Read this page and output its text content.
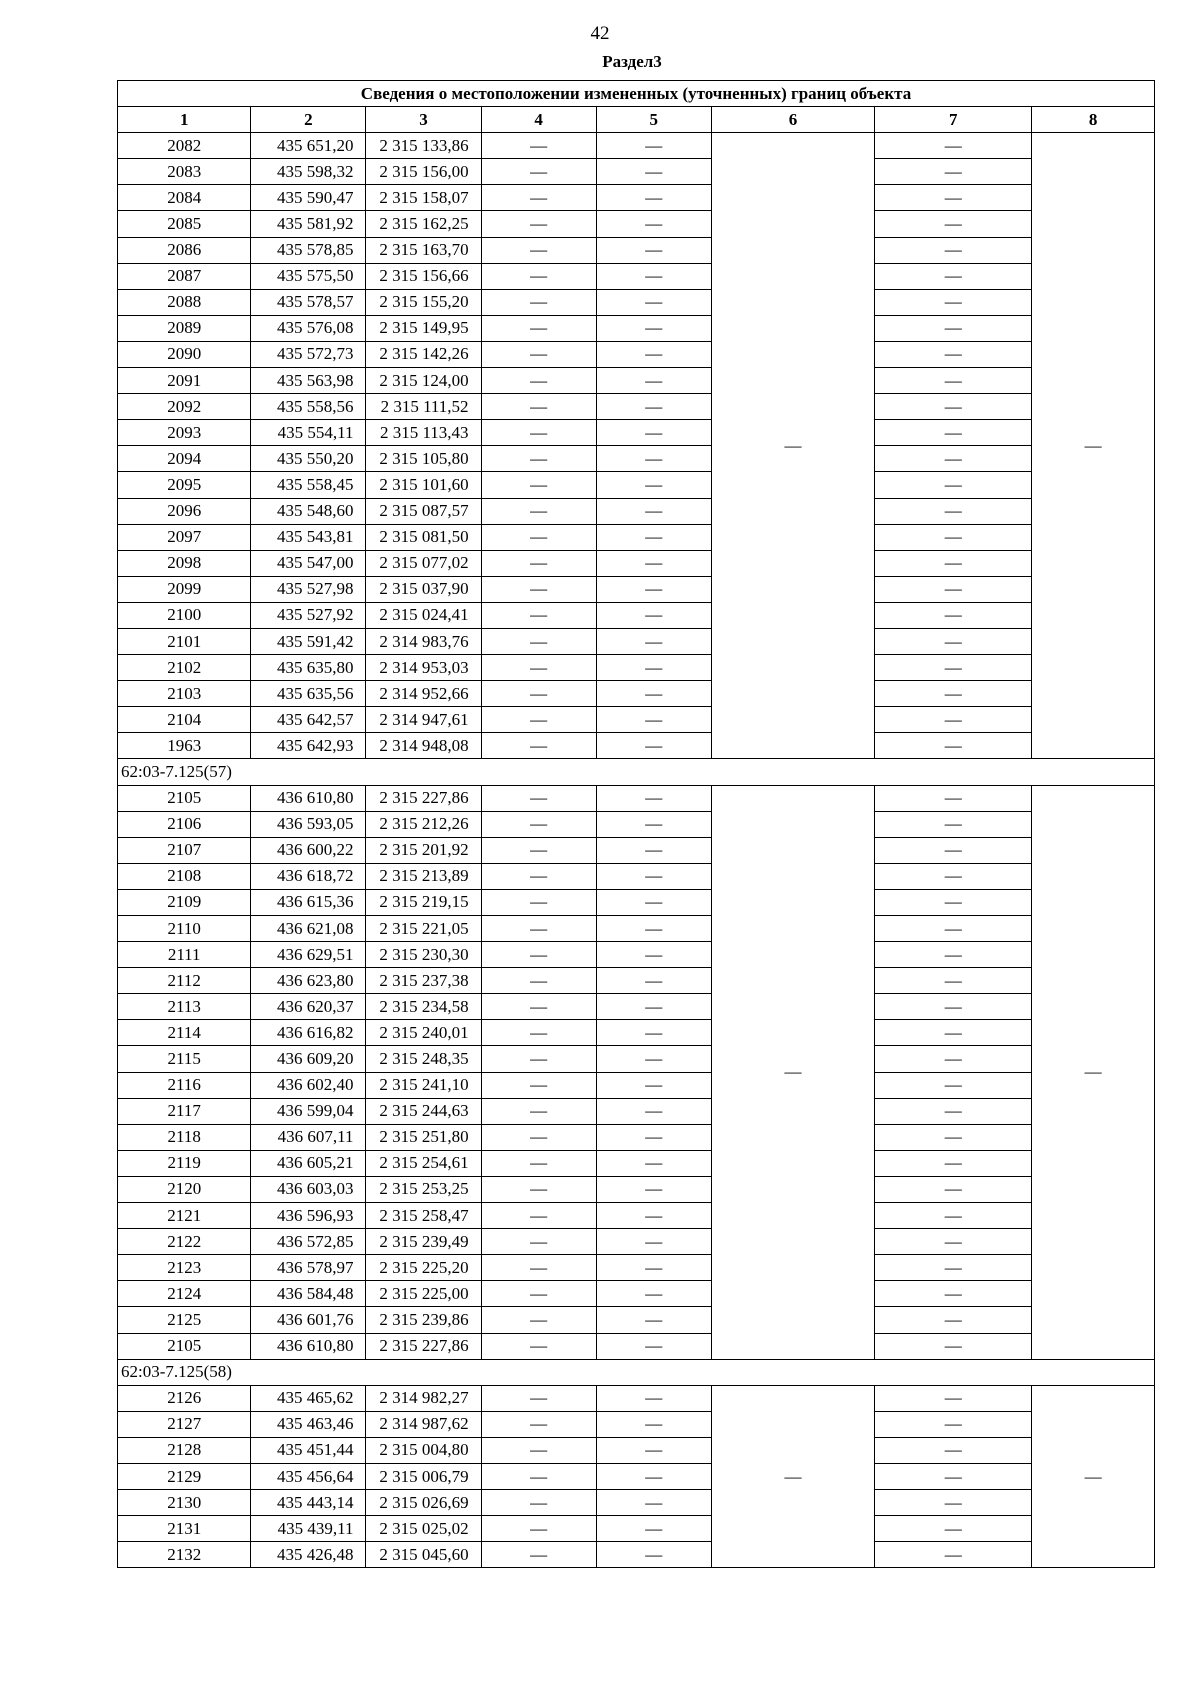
42
Раздел3
Сведения о местоположении измененных (уточненных) границ объекта							
1	2	3	4	5	6	7	8
2082	435 651,20	2 315 133,86	—	—	—	—	—
2083	435 598,32	2 315 156,00	—	—		—	
2084	435 590,47	2 315 158,07	—	—		—	
2085	435 581,92	2 315 162,25	—	—		—	
2086	435 578,85	2 315 163,70	—	—		—	
2087	435 575,50	2 315 156,66	—	—		—	
2088	435 578,57	2 315 155,20	—	—		—	
2089	435 576,08	2 315 149,95	—	—		—	
2090	435 572,73	2 315 142,26	—	—		—	
2091	435 563,98	2 315 124,00	—	—		—	
2092	435 558,56	2 315 111,52	—	—		—	
2093	435 554,11	2 315 113,43	—	—		—	
2094	435 550,20	2 315 105,80	—	—		—	
2095	435 558,45	2 315 101,60	—	—		—	
2096	435 548,60	2 315 087,57	—	—		—	
2097	435 543,81	2 315 081,50	—	—		—	
2098	435 547,00	2 315 077,02	—	—		—	
2099	435 527,98	2 315 037,90	—	—		—	
2100	435 527,92	2 315 024,41	—	—		—	
2101	435 591,42	2 314 983,76	—	—		—	
2102	435 635,80	2 314 953,03	—	—		—	
2103	435 635,56	2 314 952,66	—	—		—	
2104	435 642,57	2 314 947,61	—	—		—	
1963	435 642,93	2 314 948,08	—	—		—	
62:03-7.125(57)							
2105	436 610,80	2 315 227,86	—	—	—	—	—
2106	436 593,05	2 315 212,26	—	—		—	
2107	436 600,22	2 315 201,92	—	—		—	
2108	436 618,72	2 315 213,89	—	—		—	
2109	436 615,36	2 315 219,15	—	—		—	
2110	436 621,08	2 315 221,05	—	—		—	
2111	436 629,51	2 315 230,30	—	—		—	
2112	436 623,80	2 315 237,38	—	—		—	
2113	436 620,37	2 315 234,58	—	—		—	
2114	436 616,82	2 315 240,01	—	—		—	
2115	436 609,20	2 315 248,35	—	—		—	
2116	436 602,40	2 315 241,10	—	—		—	
2117	436 599,04	2 315 244,63	—	—		—	
2118	436 607,11	2 315 251,80	—	—		—	
2119	436 605,21	2 315 254,61	—	—		—	
2120	436 603,03	2 315 253,25	—	—		—	
2121	436 596,93	2 315 258,47	—	—		—	
2122	436 572,85	2 315 239,49	—	—		—	
2123	436 578,97	2 315 225,20	—	—		—	
2124	436 584,48	2 315 225,00	—	—		—	
2125	436 601,76	2 315 239,86	—	—		—	
2105	436 610,80	2 315 227,86	—	—		—	
62:03-7.125(58)							
2126	435 465,62	2 314 982,27	—	—	—	—	—
2127	435 463,46	2 314 987,62	—	—		—	
2128	435 451,44	2 315 004,80	—	—		—	
2129	435 456,64	2 315 006,79	—	—		—	
2130	435 443,14	2 315 026,69	—	—		—	
2131	435 439,11	2 315 025,02	—	—		—	
2132	435 426,48	2 315 045,60	—	—		—	
